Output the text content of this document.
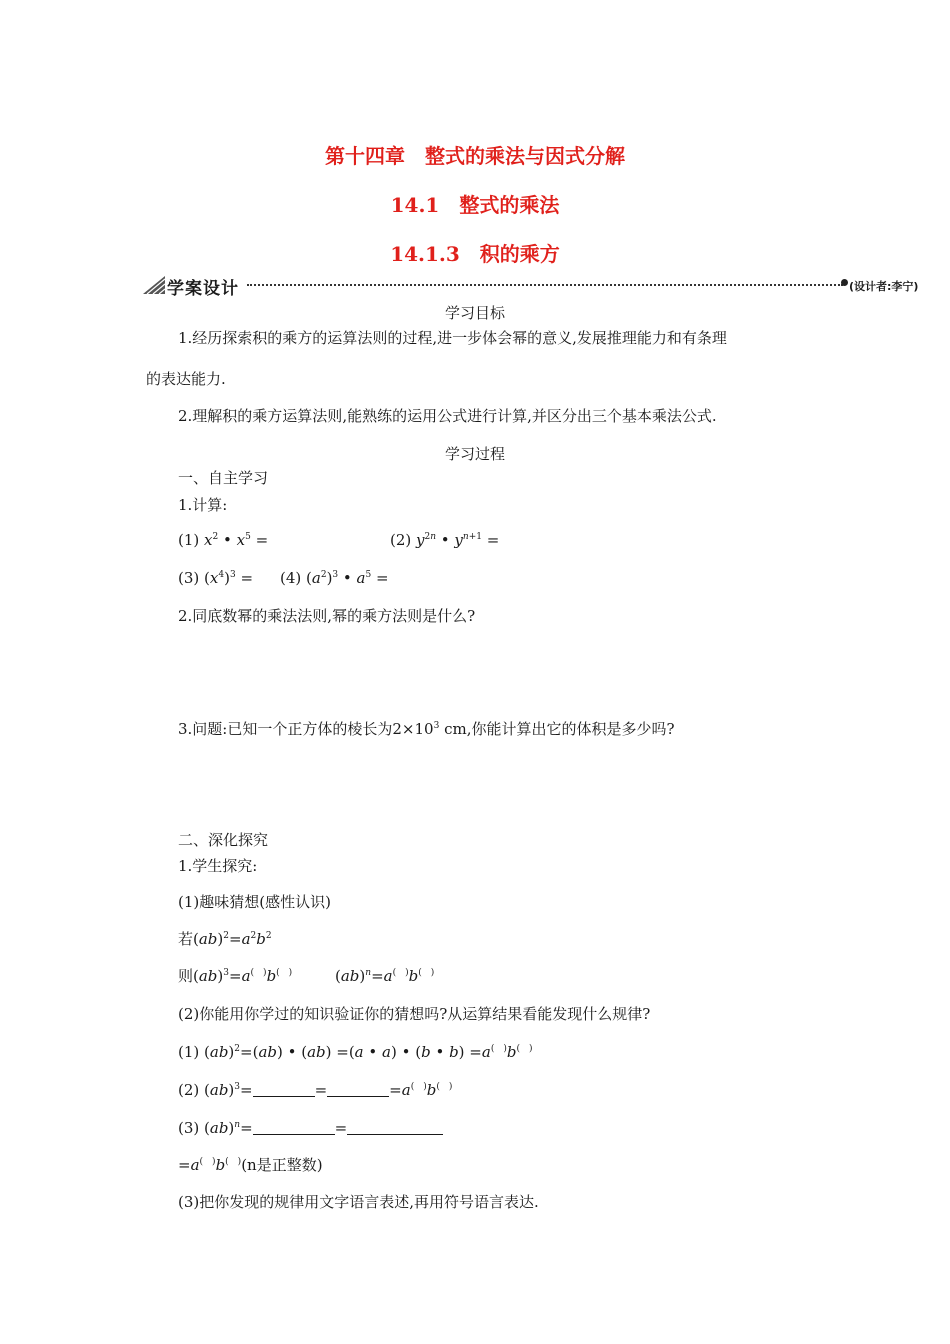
第十四章　整式的乘法与因式分解
14.1　整式的乘法
14.1.3　积的乘方
学案设计	(设计者:李宁)
学习目标
1.经历探索积的乘方的运算法则的过程,进一步体会幂的意义,发展推理能力和有条理
的表达能力.
2.理解积的乘方运算法则,能熟练的运用公式进行计算,并区分出三个基本乘法公式.
学习过程
一、自主学习
1.计算:
(1) $x^2$ • $x^5$ =	(2) $y^{2n}$ • $y^{n+1}$ =
(3) $(x^4)^3 = (4)$ $(a^2)^3$ • $a^5$ =
2.同底数幂的乘法法则,幂的乘方法则是什么?
3.问题:已知一个正方体的棱长为$2\times 10^3$ cm,你能计算出它的体积是多少吗?
二、深化探究
1.学生探究:
(1)趣味猜想(感性认识)
若$(ab)^2=a^2b^2$
则(ab)$^3$=a(　)b(　)	(ab)$^n$=a(　)b(　)
(2)你能用你学过的知识验证你的猜想吗?从运算结果看能发现什么规律?
(1) (ab)$^2$=(ab) • (ab) =(a • a) • (b • b) =a(　)b(　)
(2) (ab)$^3$=	=	=a(　)b(　)
(3) (ab)$^n$=	=
=a(　)b(　)(n是正整数)
(3)把你发现的规律用文字语言表述,再用符号语言表达.
